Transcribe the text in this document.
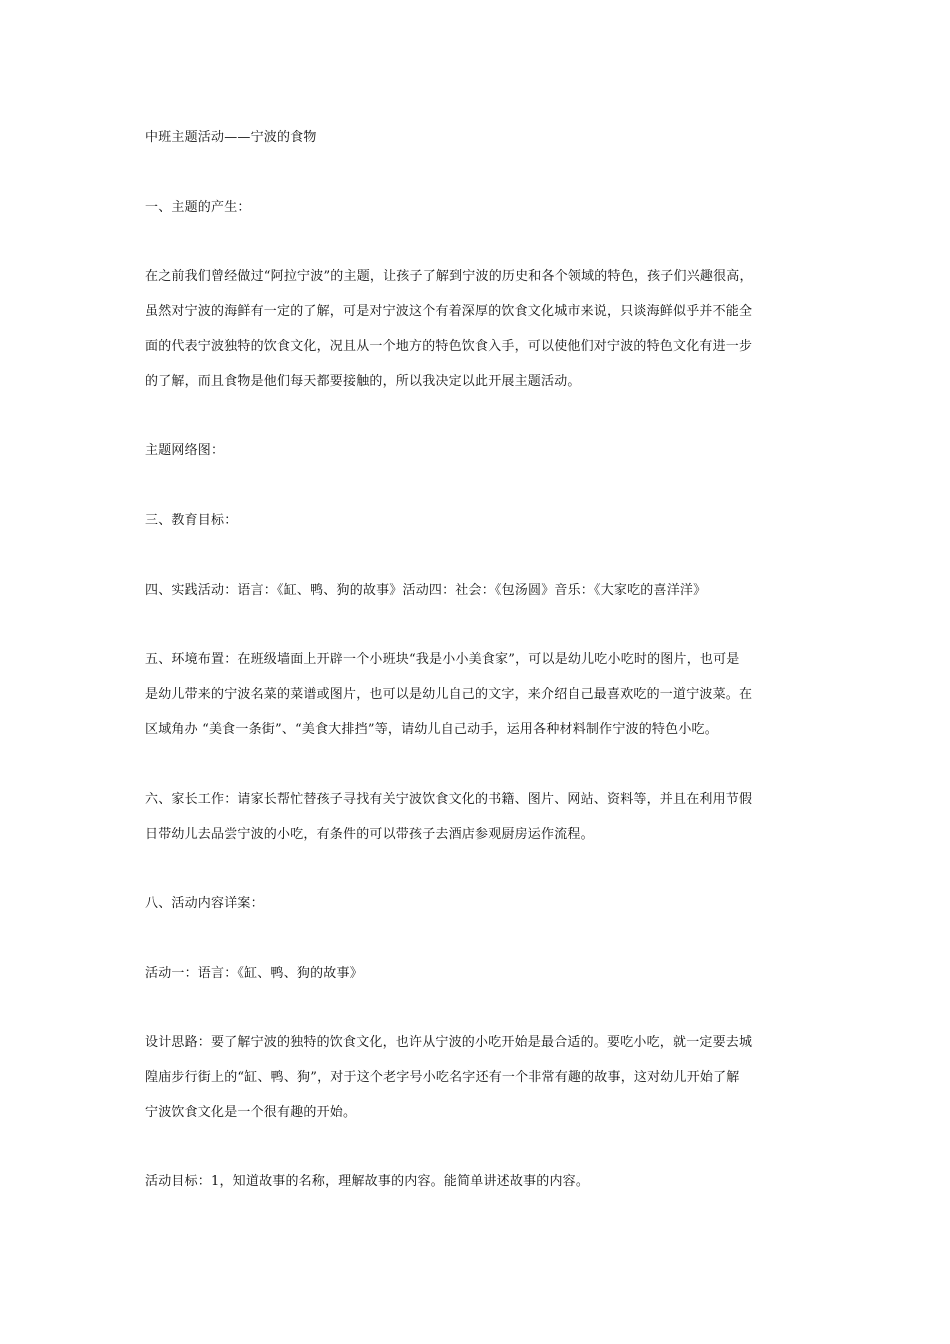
中班主题活动——宁波的食物

一、主题的产生：

在之前我们曾经做过“阿拉宁波”的主题，让孩子了解到宁波的历史和各个领域的特色，孩子们兴趣很高，
虽然对宁波的海鲜有一定的了解，可是对宁波这个有着深厚的饮食文化城市来说，只谈海鲜似乎并不能全
面的代表宁波独特的饮食文化，况且从一个地方的特色饮食入手，可以使他们对宁波的特色文化有进一步
的了解，而且食物是他们每天都要接触的，所以我决定以此开展主题活动。

主题网络图：

三、教育目标：

四、实践活动：语言：《缸、鸭、狗的故事》活动四：社会：《包汤圆》音乐：《大家吃的喜洋洋》

五、环境布置：在班级墙面上开辟一个小班块“我是小小美食家”，可以是幼儿吃小吃时的图片，也可是
是幼儿带来的宁波名菜的菜谱或图片，也可以是幼儿自己的文字，来介绍自己最喜欢吃的一道宁波菜。在
区域角办 “美食一条街”、“美食大排挡”等，请幼儿自己动手，运用各种材料制作宁波的特色小吃。
六、家长工作：请家长帮忙替孩子寻找有关宁波饮食文化的书籍、图片、网站、资料等，并且在利用节假
日带幼儿去品尝宁波的小吃，有条件的可以带孩子去酒店参观厨房运作流程。

八、活动内容详案：

活动一：语言：《缸、鸭、狗的故事》

设计思路：要了解宁波的独特的饮食文化，也许从宁波的小吃开始是最合适的。要吃小吃，就一定要去城
隍庙步行街上的“缸、鸭、狗”，对于这个老字号小吃名字还有一个非常有趣的故事，这对幼儿开始了解
宁波饮食文化是一个很有趣的开始。

活动目标：1，知道故事的名称，理解故事的内容。能简单讲述故事的内容。
